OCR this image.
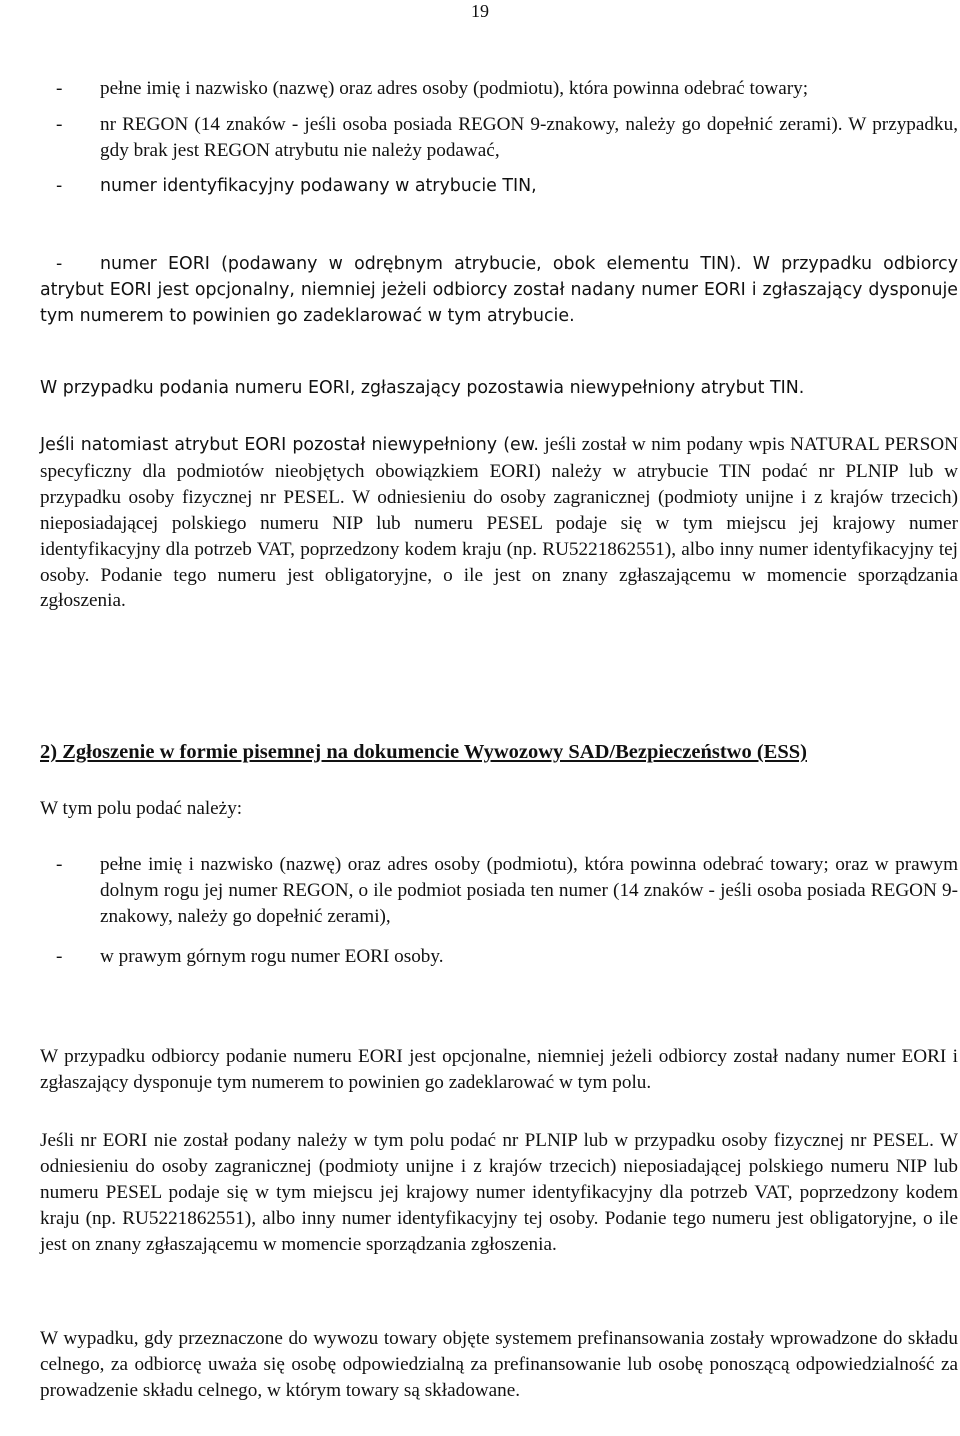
19
-	pełne imię i nazwisko (nazwę) oraz adres osoby (podmiotu), która powinna odebrać towary;
-	nr REGON (14 znaków - jeśli osoba posiada REGON 9-znakowy, należy go dopełnić zerami). W przypadku, gdy brak jest REGON atrybutu nie należy podawać,
-	numer identyfikacyjny podawany w atrybucie TIN,
-	numer EORI (podawany w odrębnym atrybucie, obok elementu TIN). W przypadku odbiorcy atrybut EORI jest opcjonalny, niemniej jeżeli odbiorcy został nadany numer EORI i zgłaszający dysponuje tym numerem to powinien go zadeklarować w tym atrybucie.

W przypadku podania numeru EORI, zgłaszający pozostawia niewypełniony atrybut TIN.

Jeśli natomiast atrybut EORI pozostał niewypełniony (ew. jeśli został w nim podany wpis NATURAL PERSON specyficzny dla podmiotów nieobjętych obowiązkiem EORI) należy w atrybucie TIN podać nr PLNIP lub w przypadku osoby fizycznej nr PESEL. W odniesieniu do osoby zagranicznej (podmioty unijne i z krajów trzecich) nieposiadającej polskiego numeru NIP lub numeru PESEL podaje się w tym miejscu jej krajowy numer identyfikacyjny dla potrzeb VAT, poprzedzony kodem kraju (np. RU5221862551), albo inny numer identyfikacyjny tej osoby. Podanie tego numeru jest obligatoryjne, o ile jest on znany zgłaszającemu w momencie sporządzania zgłoszenia.

2) Zgłoszenie w formie pisemnej na dokumencie Wywozowy SAD/Bezpieczeństwo (ESS)

W tym polu podać należy:

-	pełne imię i nazwisko (nazwę) oraz adres osoby (podmiotu), która powinna odebrać towary; oraz w prawym dolnym rogu jej numer REGON, o ile podmiot posiada ten numer (14 znaków - jeśli osoba posiada REGON 9-znakowy, należy go dopełnić zerami),
-	w prawym górnym rogu numer EORI osoby.

W przypadku odbiorcy podanie numeru EORI jest opcjonalne, niemniej jeżeli odbiorcy został nadany numer EORI i zgłaszający dysponuje tym numerem to powinien go zadeklarować w tym polu.

Jeśli nr EORI nie został podany należy w tym polu podać nr PLNIP lub w przypadku osoby fizycznej nr PESEL. W odniesieniu do osoby zagranicznej (podmioty unijne i z krajów trzecich) nieposiadającej polskiego numeru NIP lub numeru PESEL podaje się w tym miejscu jej krajowy numer identyfikacyjny dla potrzeb VAT, poprzedzony kodem kraju (np. RU5221862551), albo inny numer identyfikacyjny tej osoby. Podanie tego numeru jest obligatoryjne, o ile jest on znany zgłaszającemu w momencie sporządzania zgłoszenia.

W wypadku, gdy przeznaczone do wywozu towary objęte systemem prefinansowania zostały wprowadzone do składu celnego, za odbiorcę uważa się osobę odpowiedzialną za prefinansowanie lub osobę ponoszącą odpowiedzialność za prowadzenie składu celnego, w którym towary są składowane.
